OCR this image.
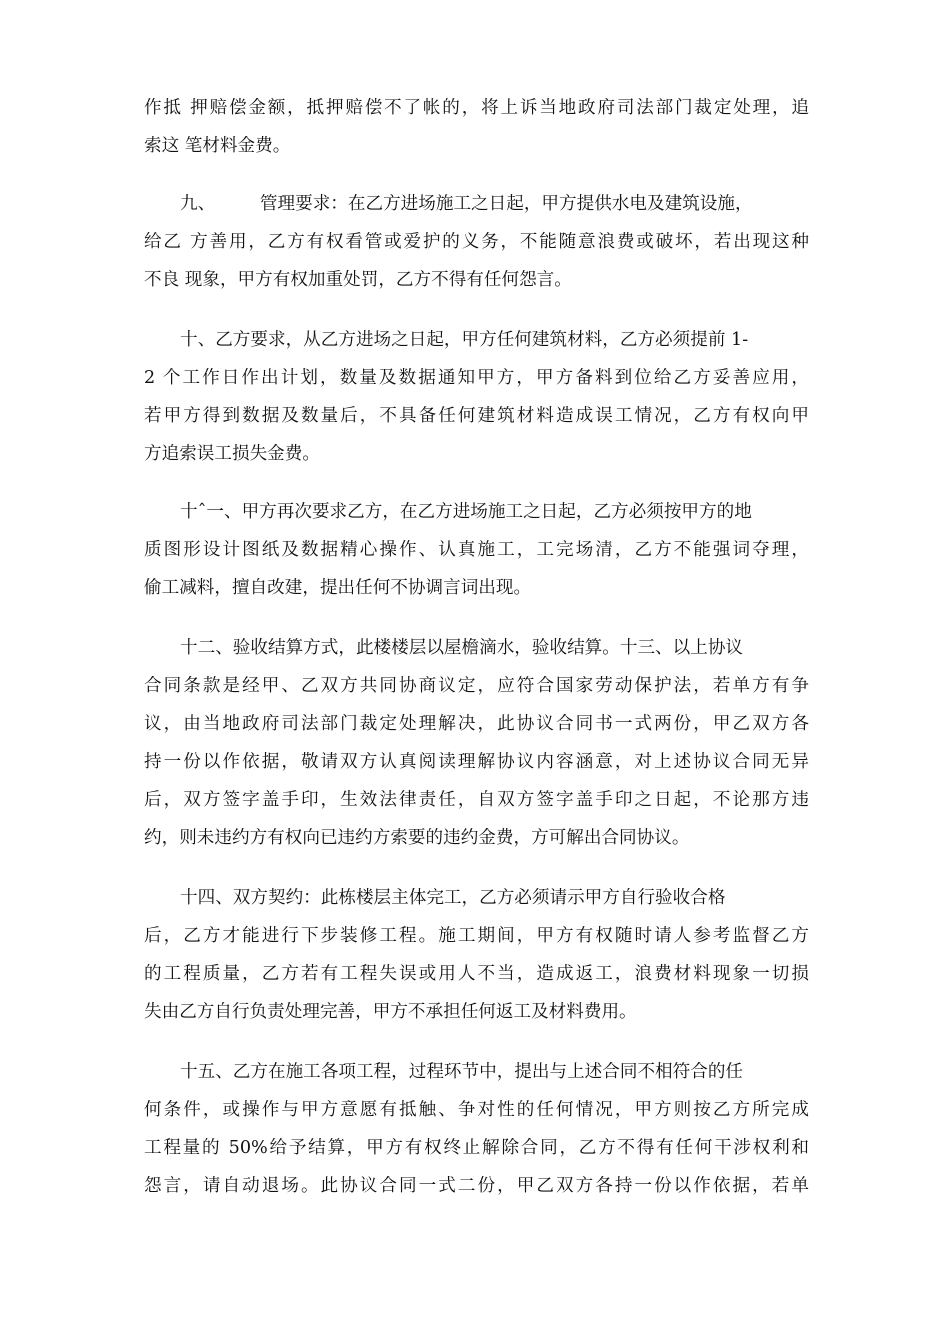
作抵 押赔偿金额，抵押赔偿不了帐的，将上诉当地政府司法部门裁定处理，追
索这 笔材料金费。
九、        管理要求：在乙方进场施工之日起，甲方提供水电及建筑设施，
给乙 方善用，乙方有权看管或爱护的义务，不能随意浪费或破坏，若出现这种
不良 现象，甲方有权加重处罚，乙方不得有任何怨言。
十、乙方要求，从乙方进场之日起，甲方任何建筑材料，乙方必须提前 1-
2 个工作日作出计划，数量及数据通知甲方，甲方备料到位给乙方妥善应用，
若甲方得到数据及数量后，不具备任何建筑材料造成误工情况，乙方有权向甲
方追索误工损失金费。
十ˆ一、甲方再次要求乙方，在乙方进场施工之日起，乙方必须按甲方的地
质图形设计图纸及数据精心操作、认真施工，工完场清，乙方不能强词夺理，
偷工减料，擅自改建，提出任何不协调言词出现。
十二、验收结算方式，此楼楼层以屋檐滴水，验收结算。十三、以上协议
合同条款是经甲、乙双方共同协商议定，应符合国家劳动保护法，若单方有争
议，由当地政府司法部门裁定处理解决，此协议合同书一式两份，甲乙双方各
持一份以作依据，敬请双方认真阅读理解协议内容涵意，对上述协议合同无异
后，双方签字盖手印，生效法律责任，自双方签字盖手印之日起，不论那方违
约，则未违约方有权向已违约方索要的违约金费，方可解出合同协议。
十四、双方契约：此栋楼层主体完工，乙方必须请示甲方自行验收合格
后，乙方才能进行下步装修工程。施工期间，甲方有权随时请人参考监督乙方
的工程质量，乙方若有工程失误或用人不当，造成返工，浪费材料现象一切损
失由乙方自行负责处理完善，甲方不承担任何返工及材料费用。
十五、乙方在施工各项工程，过程环节中，提出与上述合同不相符合的任
何条件，或操作与甲方意愿有抵触、争对性的任何情况，甲方则按乙方所完成
工程量的 50%给予结算，甲方有权终止解除合同，乙方不得有任何干涉权利和
怨言，请自动退场。此协议合同一式二份，甲乙双方各持一份以作依据，若单
